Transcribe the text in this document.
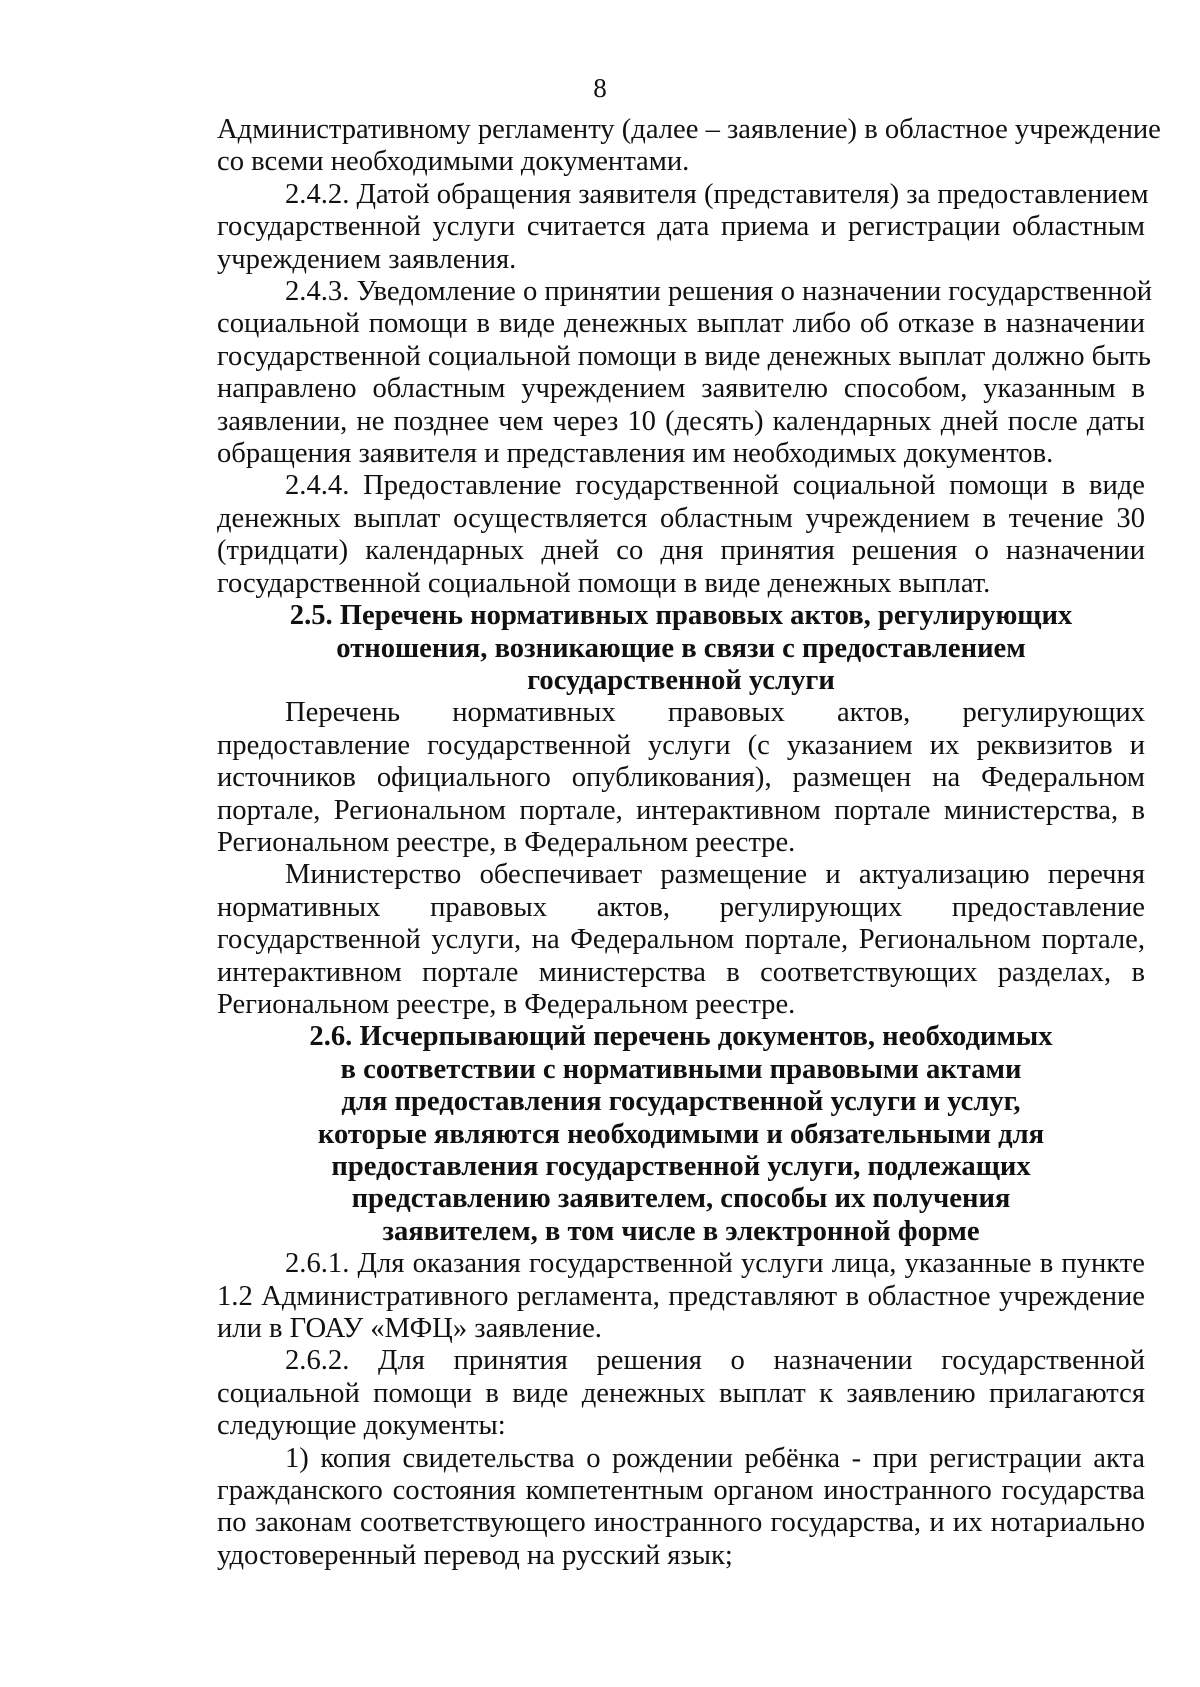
8
Административному регламенту (далее – заявление) в областное учреждение
со всеми необходимыми документами.
2.4.2. Датой обращения заявителя (представителя) за предоставлением
государственной услуги считается дата приема и регистрации областным
учреждением заявления.
2.4.3. Уведомление о принятии решения о назначении государственной
социальной помощи в виде денежных выплат либо об отказе в назначении
государственной социальной помощи в виде денежных выплат должно быть
направлено областным учреждением заявителю способом, указанным в
заявлении, не позднее чем через 10 (десять) календарных дней после даты
обращения заявителя и представления им необходимых документов.
2.4.4. Предоставление государственной социальной помощи в виде
денежных выплат осуществляется областным учреждением в течение 30
(тридцати) календарных дней со дня принятия решения о назначении
государственной социальной помощи в виде денежных выплат.
2.5. Перечень нормативных правовых актов, регулирующих
отношения, возникающие в связи с предоставлением
государственной услуги
Перечень нормативных правовых актов, регулирующих
предоставление государственной услуги (с указанием их реквизитов и
источников официального опубликования), размещен на Федеральном
портале, Региональном портале, интерактивном портале министерства, в
Региональном реестре, в Федеральном реестре.
Министерство обеспечивает размещение и актуализацию перечня
нормативных правовых актов, регулирующих предоставление
государственной услуги, на Федеральном портале, Региональном портале,
интерактивном портале министерства в соответствующих разделах, в
Региональном реестре, в Федеральном реестре.
2.6. Исчерпывающий перечень документов, необходимых
в соответствии с нормативными правовыми актами
для предоставления государственной услуги и услуг,
которые являются необходимыми и обязательными для
предоставления государственной услуги, подлежащих
представлению заявителем, способы их получения
заявителем, в том числе в электронной форме
2.6.1. Для оказания государственной услуги лица, указанные в пункте
1.2 Административного регламента, представляют в областное учреждение
или в ГОАУ «МФЦ» заявление.
2.6.2. Для принятия решения о назначении государственной
социальной помощи в виде денежных выплат к заявлению прилагаются
следующие документы:
1) копия свидетельства о рождении ребёнка - при регистрации акта
гражданского состояния компетентным органом иностранного государства
по законам соответствующего иностранного государства, и их нотариально
удостоверенный перевод на русский язык;
